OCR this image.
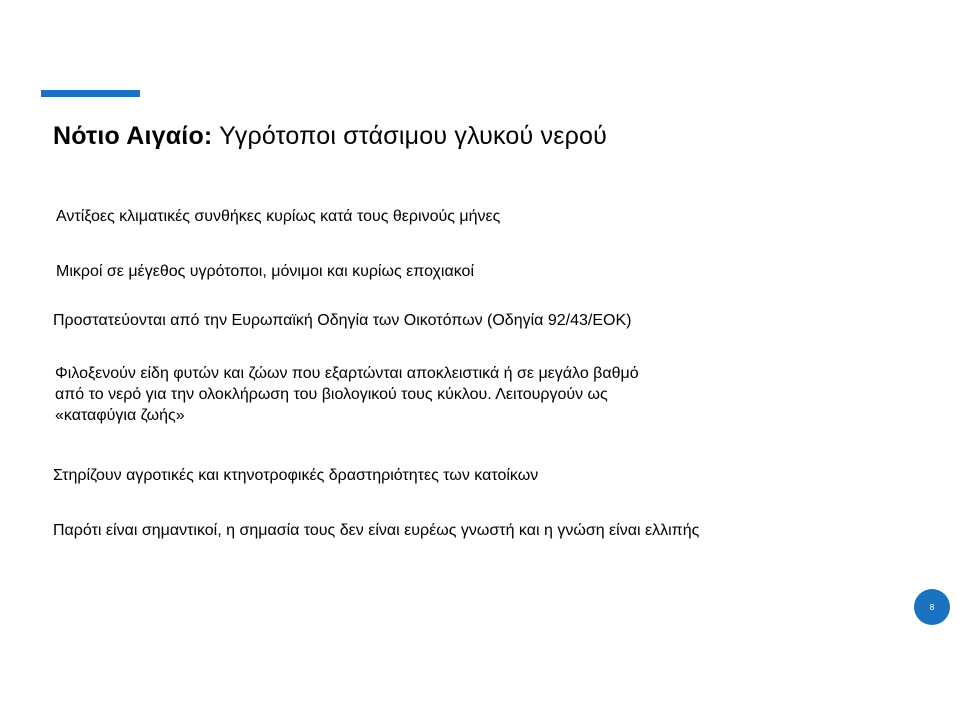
Νότιο Αιγαίο: Υγρότοποι στάσιμου γλυκού νερού

Αντίξοες κλιματικές συνθήκες κυρίως κατά τους θερινούς μήνες

Μικροί σε μέγεθος υγρότοποι, μόνιμοι και κυρίως εποχιακοί

Προστατεύονται από την Ευρωπαϊκή Οδηγία των Οικοτόπων (Οδηγία 92/43/ΕΟΚ)

Φιλοξενούν είδη φυτών και ζώων που εξαρτώνται αποκλειστικά ή σε μεγάλο βαθμό
από το νερό για την ολοκλήρωση του βιολογικού τους κύκλου. Λειτουργούν ως
«καταφύγια ζωής»

Στηρίζουν αγροτικές και κτηνοτροφικές δραστηριότητες των κατοίκων

Παρότι είναι σημαντικοί, η σημασία τους δεν είναι ευρέως γνωστή και η γνώση είναι ελλιπής

8
